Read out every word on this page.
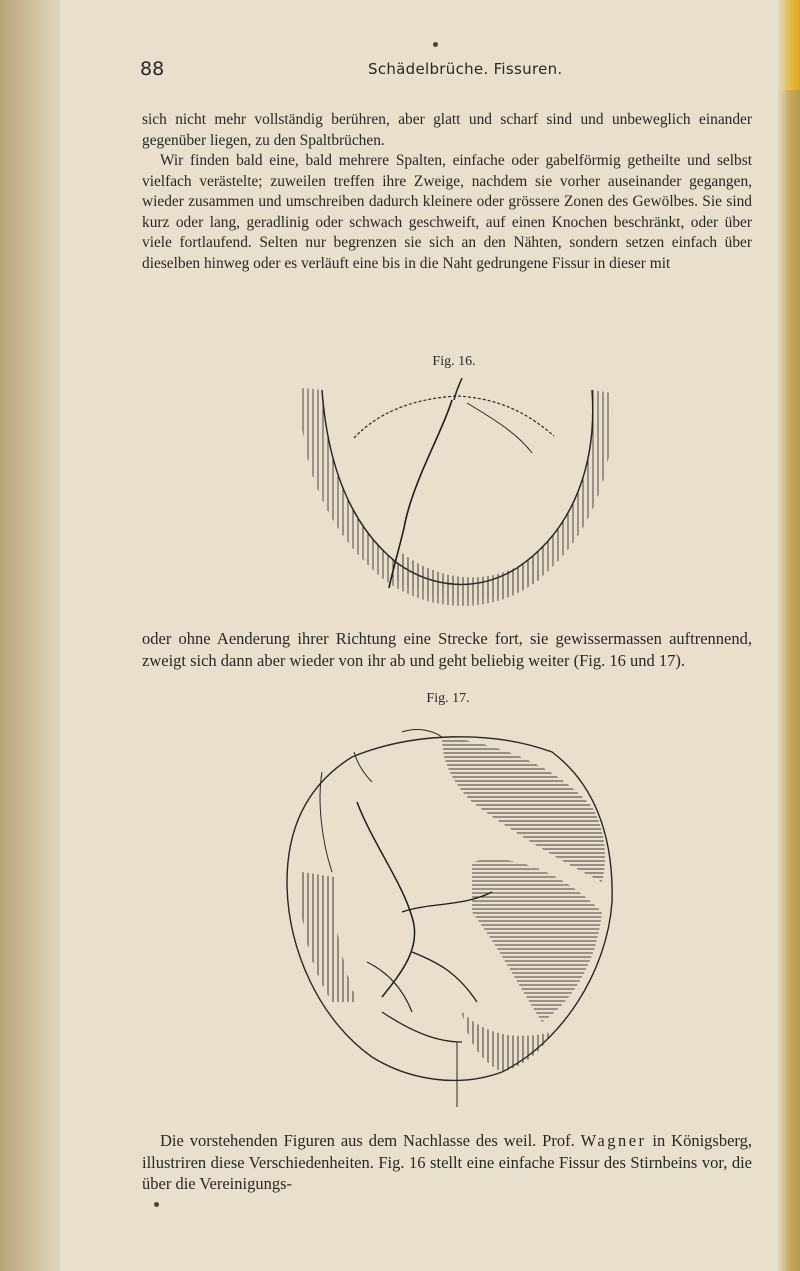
88	Schädelbrüche. Fissuren.

sich nicht mehr vollständig berühren, aber glatt und scharf sind und unbeweglich einander gegenüber liegen, zu den Spaltbrüchen.
Wir finden bald eine, bald mehrere Spalten, einfache oder gabelförmig getheilte und selbst vielfach verästelte; zuweilen treffen ihre Zweige, nachdem sie vorher auseinander gegangen, wieder zusammen und umschreiben dadurch kleinere oder grössere Zonen des Gewölbes. Sie sind kurz oder lang, geradlinig oder schwach geschweift, auf einen Knochen beschränkt, oder über viele fortlaufend. Selten nur begrenzen sie sich an den Nähten, sondern setzen einfach über dieselben hinweg oder es verläuft eine bis in die Naht gedrungene Fissur in dieser mit

Fig. 16.

oder ohne Aenderung ihrer Richtung eine Strecke fort, sie gewissermassen auftrennend, zweigt sich dann aber wieder von ihr ab und geht beliebig weiter (Fig. 16 und 17).

Fig. 17.

Die vorstehenden Figuren aus dem Nachlasse des weil. Prof. Wagner in Königsberg, illustriren diese Verschiedenheiten. Fig. 16 stellt eine einfache Fissur des Stirnbeins vor, die über die Vereinigungs-
